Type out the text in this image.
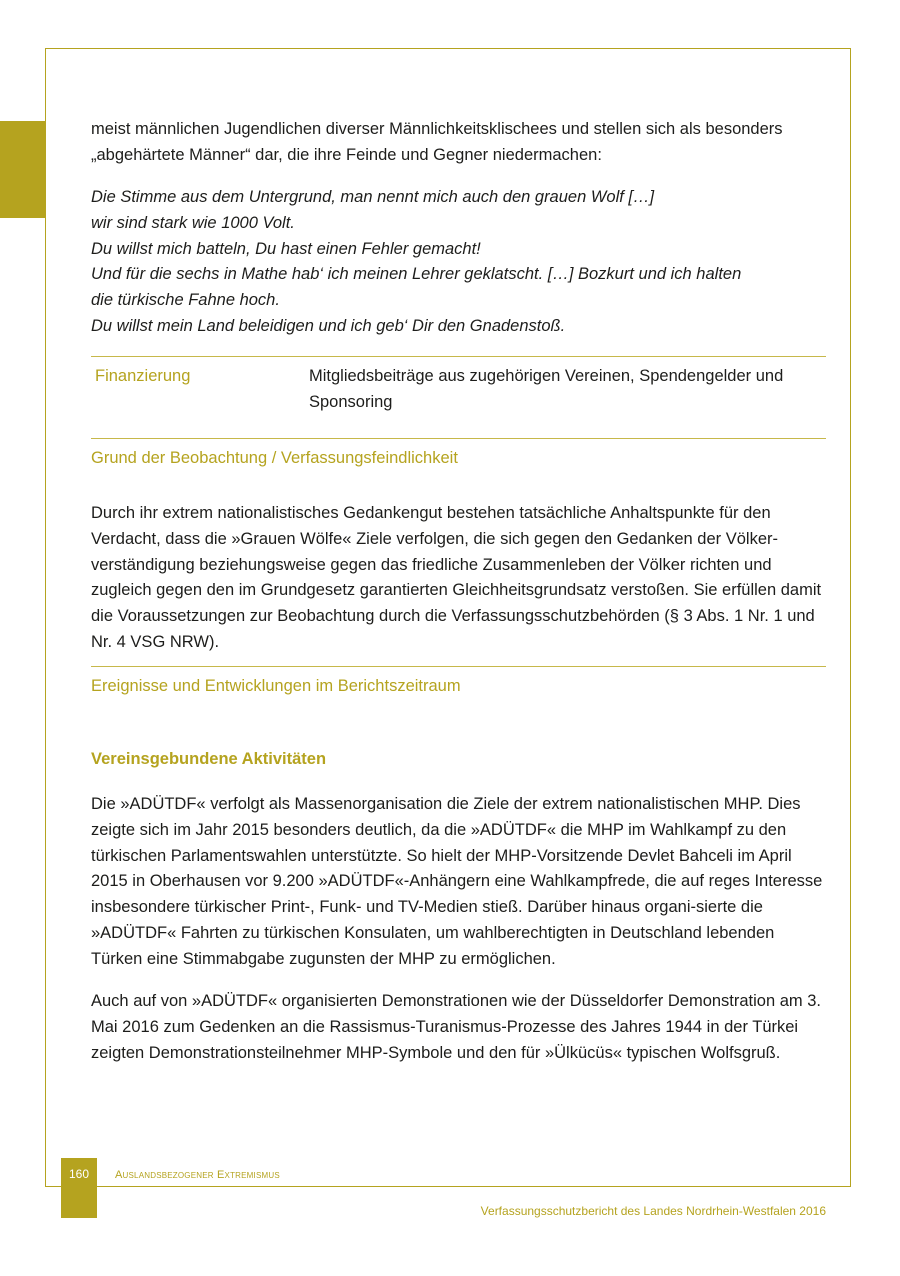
meist männlichen Jugendlichen diverser Männlichkeitsklischees und stellen sich als besonders „abgehärtete Männer“ dar, die ihre Feinde und Gegner niedermachen:

Die Stimme aus dem Untergrund, man nennt mich auch den grauen Wolf […]
wir sind stark wie 1000 Volt.
Du willst mich batteln, Du hast einen Fehler gemacht!
Und für die sechs in Mathe hab‘ ich meinen Lehrer geklatscht. […] Bozkurt und ich halten
die türkische Fahne hoch.
Du willst mein Land beleidigen und ich geb‘ Dir den Gnadenstoß.
Finanzierung	Mitgliedsbeiträge aus zugehörigen Vereinen, Spendengelder und Sponsoring
Grund der Beobachtung / Verfassungsfeindlichkeit

Durch ihr extrem nationalistisches Gedankengut bestehen tatsächliche Anhaltspunkte für den Verdacht, dass die »Grauen Wölfe« Ziele verfolgen, die sich gegen den Gedanken der Völker-verständigung beziehungsweise gegen das friedliche Zusammenleben der Völker richten und zugleich gegen den im Grundgesetz garantierten Gleichheitsgrundsatz verstoßen. Sie erfüllen damit die Voraussetzungen zur Beobachtung durch die Verfassungsschutzbehörden (§ 3 Abs. 1 Nr. 1 und Nr. 4 VSG NRW).

Ereignisse und Entwicklungen im Berichtszeitraum
Vereinsgebundene Aktivitäten

Die »ADÜTDF« verfolgt als Massenorganisation die Ziele der extrem nationalistischen MHP. Dies zeigte sich im Jahr 2015 besonders deutlich, da die »ADÜTDF« die MHP im Wahlkampf zu den türkischen Parlamentswahlen unterstützte. So hielt der MHP-Vorsitzende Devlet Bahceli im April 2015 in Oberhausen vor 9.200 »ADÜTDF«-Anhängern eine Wahlkampfrede, die auf reges Interesse insbesondere türkischer Print-, Funk- und TV-Medien stieß. Darüber hinaus organi-sierte die »ADÜTDF« Fahrten zu türkischen Konsulaten, um wahlberechtigten in Deutschland lebenden Türken eine Stimmabgabe zugunsten der MHP zu ermöglichen.

Auch auf von »ADÜTDF« organisierten Demonstrationen wie der Düsseldorfer Demonstration am 3. Mai 2016 zum Gedenken an die Rassismus-Turanismus-Prozesse des Jahres 1944 in der Türkei zeigten Demonstrationsteilnehmer MHP-Symbole und den für »Ülkücüs« typischen Wolfsgruß.

160	Auslandsbezogener Extremismus
Verfassungsschutzbericht des Landes Nordrhein-Westfalen 2016
